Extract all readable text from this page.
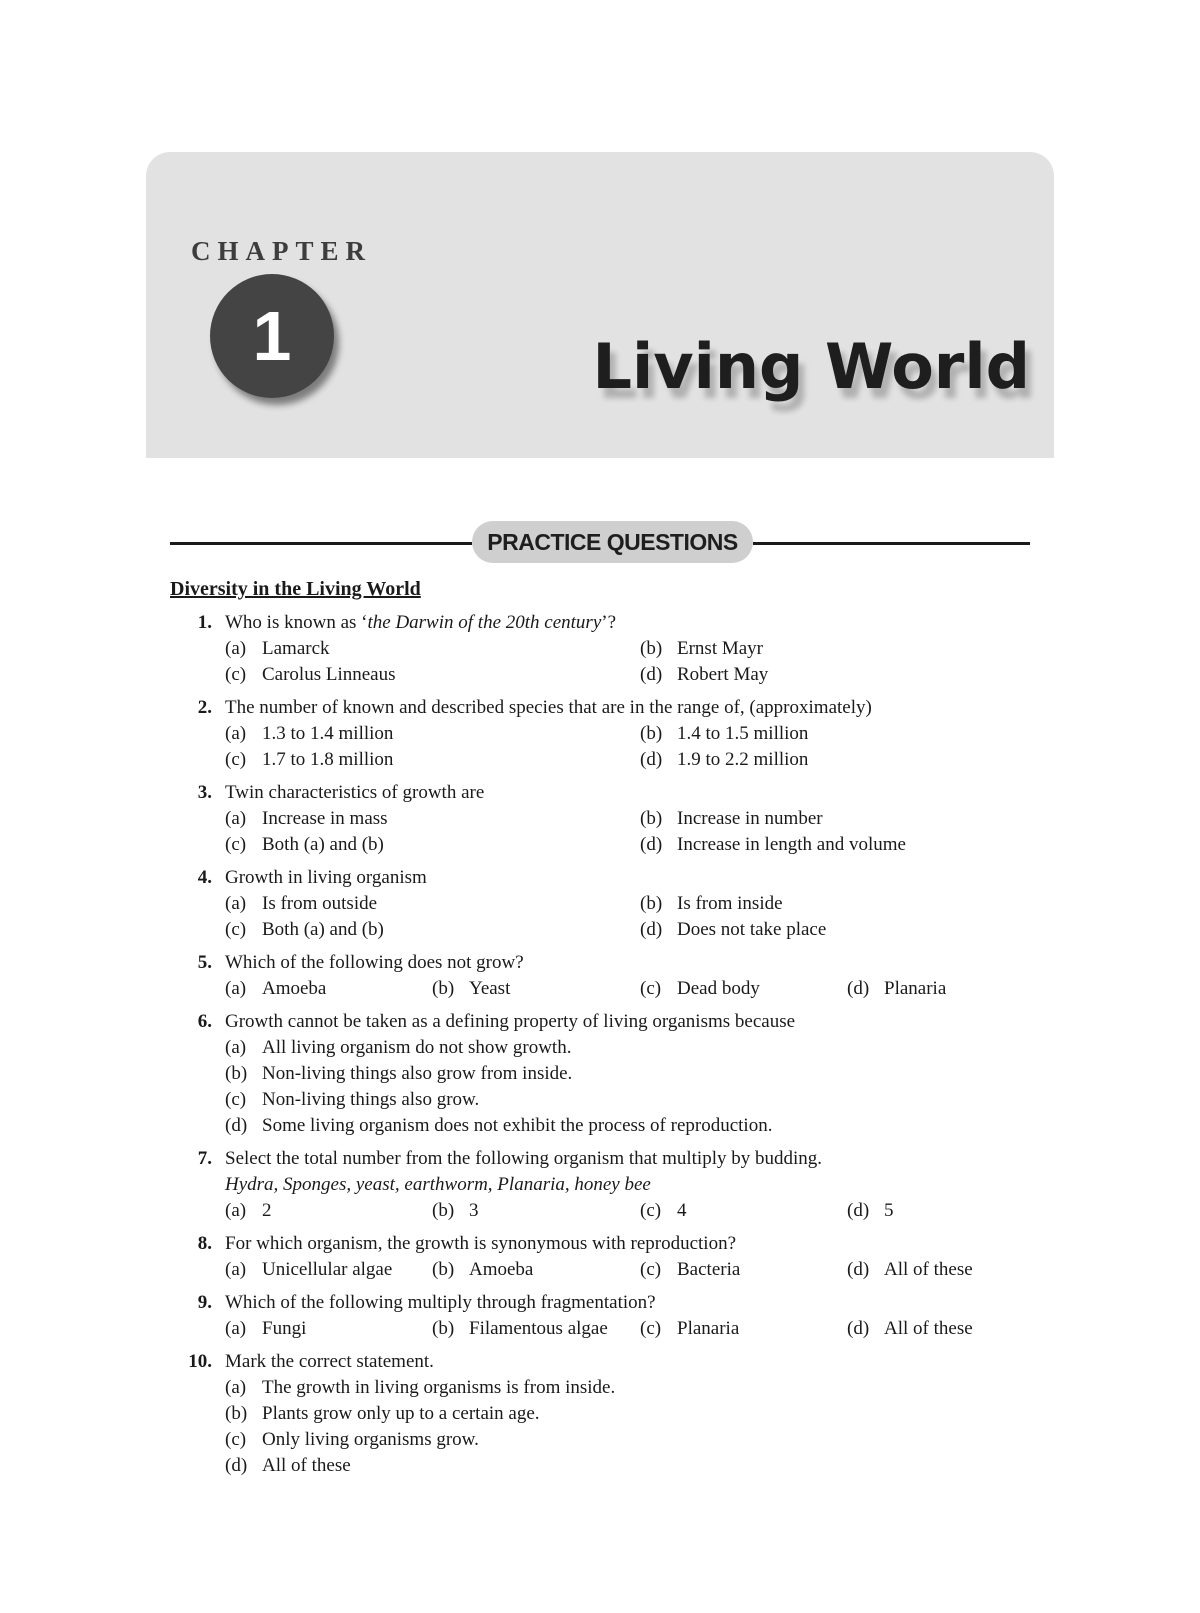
CHAPTER
1	Living World
PRACTICE QUESTIONS
Diversity in the Living World
1. Who is known as ‘the Darwin of the 20th century’?
(a) Lamarck	(b) Ernst Mayr
(c) Carolus Linneaus	(d) Robert May
2. The number of known and described species that are in the range of, (approximately)
(a) 1.3 to 1.4 million	(b) 1.4 to 1.5 million
(c) 1.7 to 1.8 million	(d) 1.9 to 2.2 million
3. Twin characteristics of growth are
(a) Increase in mass	(b) Increase in number
(c) Both (a) and (b)	(d) Increase in length and volume
4. Growth in living organism
(a) Is from outside	(b) Is from inside
(c) Both (a) and (b)	(d) Does not take place
5. Which of the following does not grow?
(a) Amoeba	(b) Yeast	(c) Dead body	(d) Planaria
6. Growth cannot be taken as a defining property of living organisms because
(a) All living organism do not show growth.
(b) Non-living things also grow from inside.
(c) Non-living things also grow.
(d) Some living organism does not exhibit the process of reproduction.
7. Select the total number from the following organism that multiply by budding.
Hydra, Sponges, yeast, earthworm, Planaria, honey bee
(a) 2	(b) 3	(c) 4	(d) 5
8. For which organism, the growth is synonymous with reproduction?
(a) Unicellular algae	(b) Amoeba	(c) Bacteria	(d) All of these
9. Which of the following multiply through fragmentation?
(a) Fungi	(b) Filamentous algae	(c) Planaria	(d) All of these
10. Mark the correct statement.
(a) The growth in living organisms is from inside.
(b) Plants grow only up to a certain age.
(c) Only living organisms grow.
(d) All of these
